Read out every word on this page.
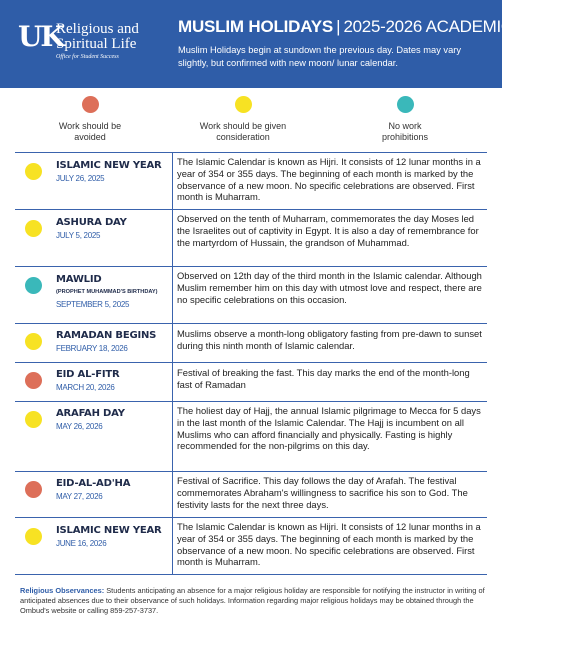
UK
Religious and
Spiritual Life
Office for Student Success
MUSLIM HOLIDAYS | 2025-2026 ACADEMIC YEAR
Muslim Holidays begin at sundown the previous day. Dates may vary slightly, but confirmed with new moon/ lunar calendar.
Work should be avoided
Work should be given consideration
No work prohibitions
ISLAMIC NEW YEAR
JULY 26, 2025
The Islamic Calendar is known as Hijri. It consists of 12 lunar months in a year of 354 or 355 days. The beginning of each month is marked by the observance of a new moon. No specific celebrations are observed. First month is Muharram.
ASHURA DAY
JULY 5, 2025
Observed on the tenth of Muharram, commemorates the day Moses led the Israelites out of captivity in Egypt. It is also a day of remembrance for the martyrdom of Hussain, the grandson of Muhammad.
MAWLID
(PROPHET MUHAMMAD'S BIRTHDAY)
SEPTEMBER 5, 2025
Observed on 12th day of the third month in the Islamic calendar. Although Muslim remember him on this day with utmost love and respect, there are no specific celebrations on this occasion.
RAMADAN BEGINS
FEBRUARY 18, 2026
Muslims observe a month-long obligatory fasting from pre-dawn to sunset during this ninth month of Islamic calendar.
EID AL-FITR
MARCH 20, 2026
Festival of breaking the fast. This day marks the end of the month-long fast of Ramadan
ARAFAH DAY
MAY 26, 2026
The holiest day of Hajj, the annual Islamic pilgrimage to Mecca for 5 days in the last month of the Islamic Calendar. The Hajj is incumbent on all Muslims who can afford financially and physically. Fasting is highly recommended for the non-pilgrims on this day.
EID-AL-AD'HA
MAY 27, 2026
Festival of Sacrifice. This day follows the day of Arafah. The festival commemorates Abraham's willingness to sacrifice his son to God. The festivity lasts for the next three days.
ISLAMIC NEW YEAR
JUNE 16, 2026
The Islamic Calendar is known as Hijri. It consists of 12 lunar months in a year of 354 or 355 days. The beginning of each month is marked by the observance of a new moon. No specific celebrations are observed. First month is Muharram.
Religious Observances: Students anticipating an absence for a major religious holiday are responsible for notifying the instructor in writing of anticipated absences due to their observance of such holidays. Information regarding major religious holidays may be obtained through the Ombud's website or calling 859-257-3737.
